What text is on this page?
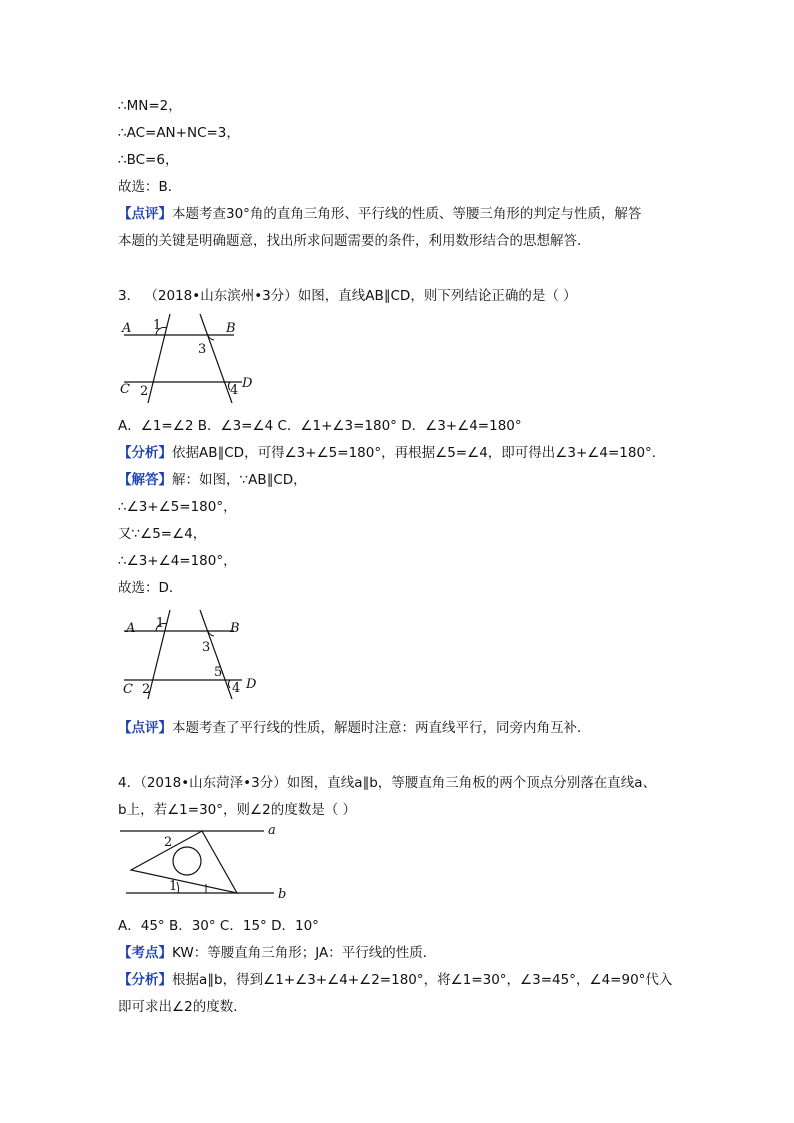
∴MN=2，
∴AC=AN+NC=3，
∴BC=6，
故选：B．
【点评】本题考查30°角的直角三角形、平行线的性质、等腰三角形的判定与性质，解答
本题的关键是明确题意，找出所求问题需要的条件，利用数形结合的思想解答．
3． （2018•山东滨州•3分）如图，直线AB∥CD，则下列结论正确的是（ ）
A	B
C	D
1
2
3
4
A．∠1=∠2 B．∠3=∠4 C．∠1+∠3=180° D．∠3+∠4=180°
【分析】依据AB∥CD，可得∠3+∠5=180°，再根据∠5=∠4，即可得出∠3+∠4=180°．
【解答】解：如图，∵AB∥CD，
∴∠3+∠5=180°，
又∵∠5=∠4，
∴∠3+∠4=180°，
故选：D．
A	B
C	D
1
2
3
5
4
【点评】本题考查了平行线的性质，解题时注意：两直线平行，同旁内角互补．
4．（2018•山东菏泽•3分）如图，直线a∥b，等腰直角三角板的两个顶点分别落在直线a、
b上，若∠1=30°，则∠2的度数是（ ）
a
b
2
1
A．45° B．30° C．15° D．10°
【考点】KW：等腰直角三角形；JA：平行线的性质．
【分析】根据a∥b，得到∠1+∠3+∠4+∠2=180°，将∠1=30°，∠3=45°，∠4=90°代入
即可求出∠2的度数．
